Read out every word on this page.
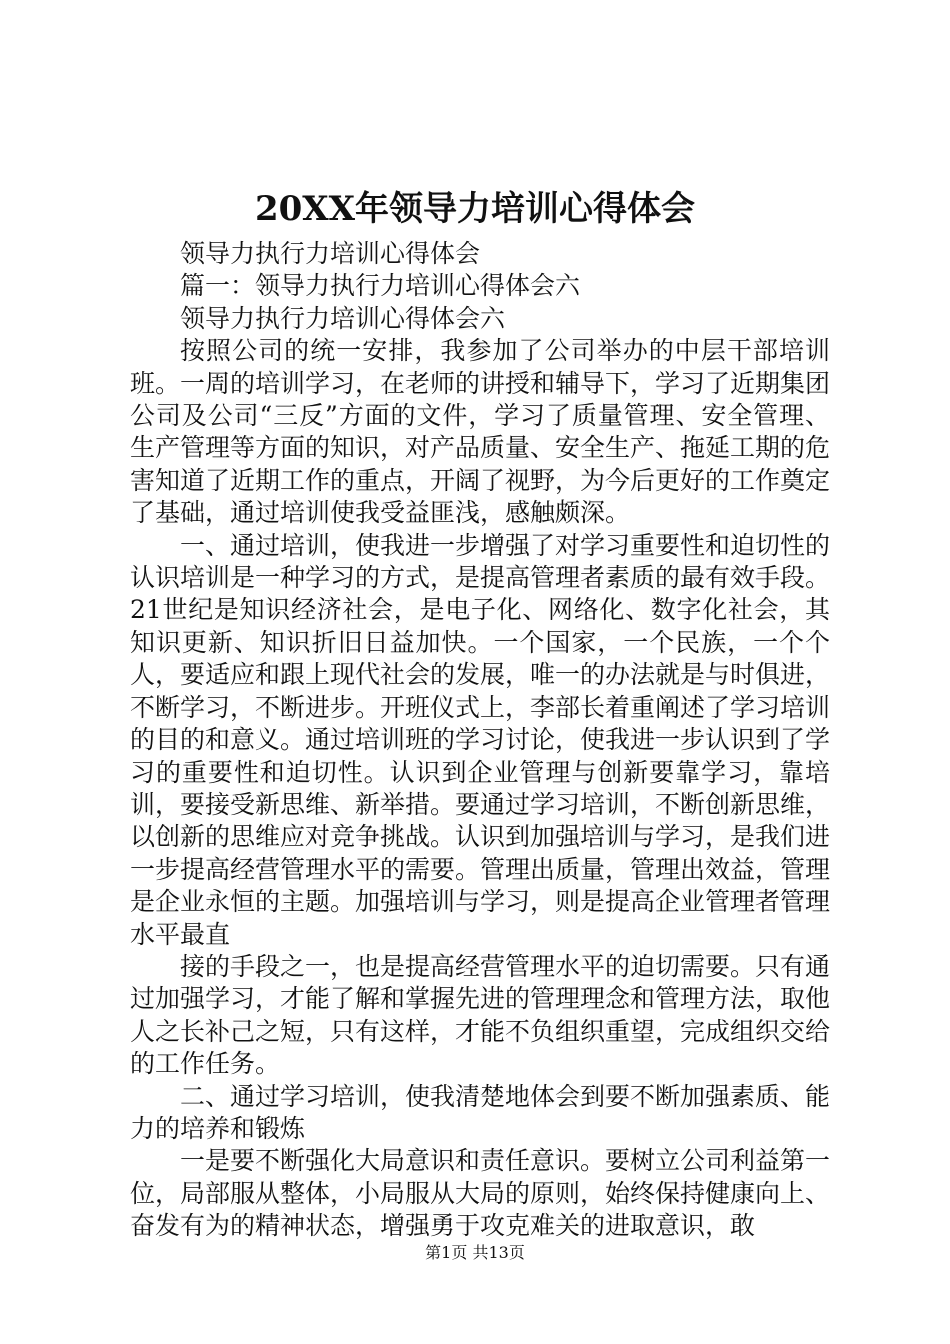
20XX年领导力培训心得体会

领导力执行力培训心得体会

篇一：领导力执行力培训心得体会六

领导力执行力培训心得体会六

按照公司的统一安排，我参加了公司举办的中层干部培训班。一周的培训学习，在老师的讲授和辅导下，学习了近期集团公司及公司“三反”方面的文件，学习了质量管理、安全管理、生产管理等方面的知识，对产品质量、安全生产、拖延工期的危害知道了近期工作的重点，开阔了视野，为今后更好的工作奠定了基础，通过培训使我受益匪浅，感触颇深。

一、通过培训，使我进一步增强了对学习重要性和迫切性的认识培训是一种学习的方式，是提高管理者素质的最有效手段。21世纪是知识经济社会，是电子化、网络化、数字化社会，其知识更新、知识折旧日益加快。一个国家，一个民族，一个个人，要适应和跟上现代社会的发展，唯一的办法就是与时俱进，不断学习，不断进步。开班仪式上，李部长着重阐述了学习培训的目的和意义。通过培训班的学习讨论，使我进一步认识到了学习的重要性和迫切性。认识到企业管理与创新要靠学习，靠培训，要接受新思维、新举措。要通过学习培训，不断创新思维，以创新的思维应对竞争挑战。认识到加强培训与学习，是我们进一步提高经营管理水平的需要。管理出质量，管理出效益，管理是企业永恒的主题。加强培训与学习，则是提高企业管理者管理水平最直

接的手段之一，也是提高经营管理水平的迫切需要。只有通过加强学习，才能了解和掌握先进的管理理念和管理方法，取他人之长补己之短，只有这样，才能不负组织重望，完成组织交给的工作任务。

二、通过学习培训，使我清楚地体会到要不断加强素质、能力的培养和锻炼

一是要不断强化大局意识和责任意识。要树立公司利益第一位，局部服从整体，小局服从大局的原则，始终保持健康向上、奋发有为的精神状态，增强勇于攻克难关的进取意识，敢

第1页 共13页
